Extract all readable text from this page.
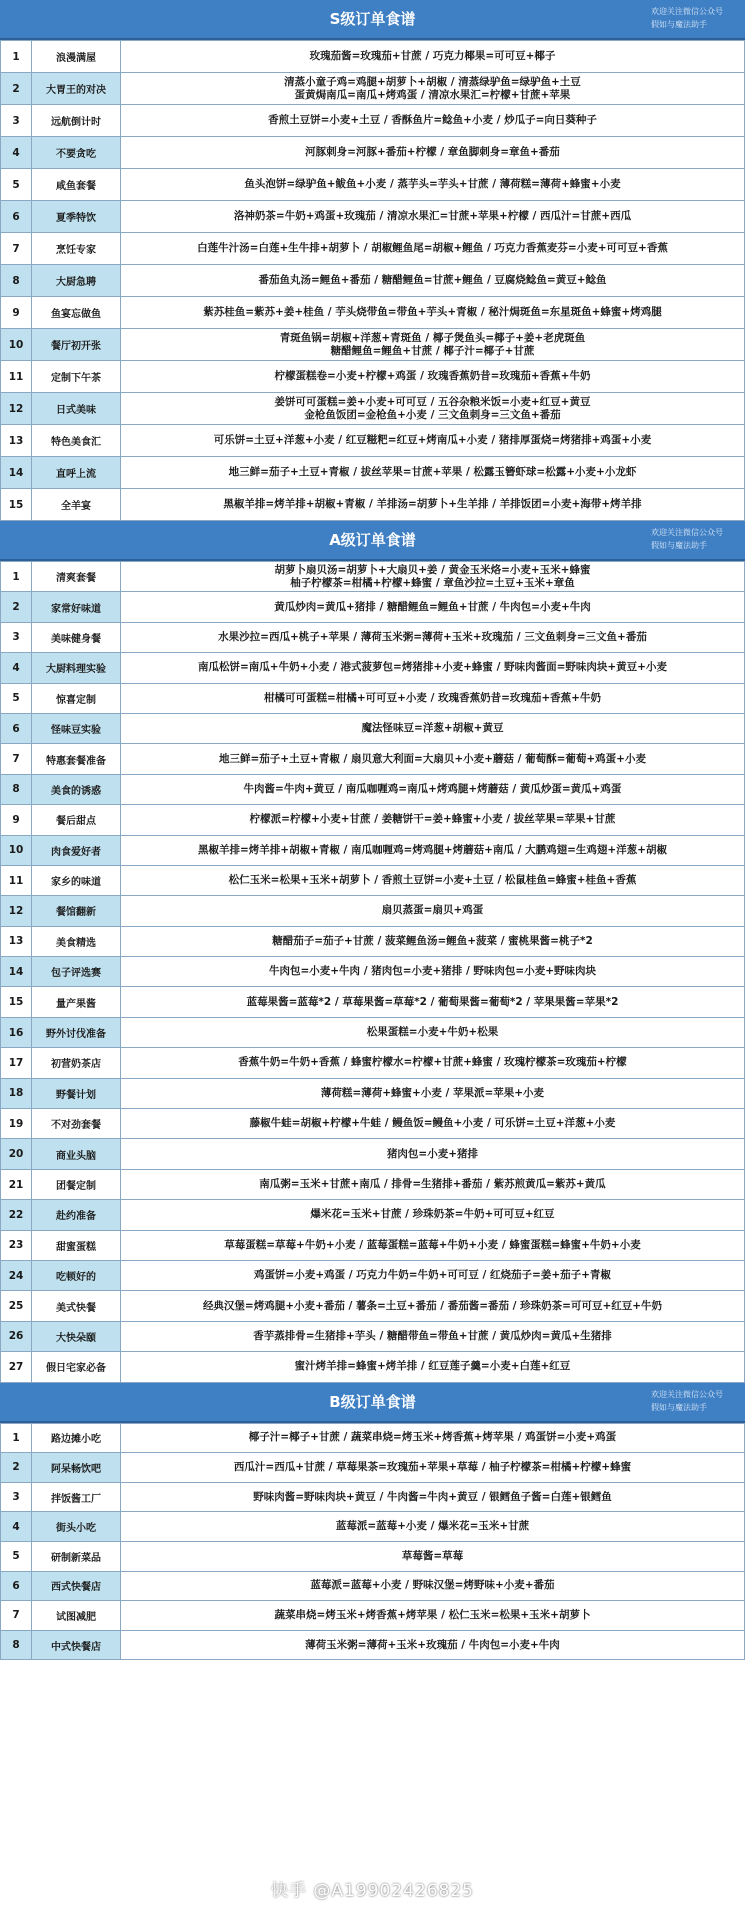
S级订单食谱	欢迎关注微信公众号
假如与魔法助手
1	浪漫满屋	玫瑰茄酱=玫瑰茄+甘蔗 / 巧克力椰果=可可豆+椰子

2	大胃王的对决	清蒸小童子鸡=鸡腿+胡萝卜+胡椒 / 清蒸绿驴鱼=绿驴鱼+土豆
蛋黄焗南瓜=南瓜+烤鸡蛋 / 清凉水果汇=柠檬+甘蔗+苹果

3	远航倒计时	香煎土豆饼=小麦+土豆 / 香酥鱼片=鲶鱼+小麦 / 炒瓜子=向日葵种子

4	不要贪吃	河豚刺身=河豚+番茄+柠檬 / 章鱼脚刺身=章鱼+番茄

5	咸鱼套餐	鱼头泡饼=绿驴鱼+鲅鱼+小麦 / 蒸芋头=芋头+甘蔗 / 薄荷糕=薄荷+蜂蜜+小麦

6	夏季特饮	洛神奶茶=牛奶+鸡蛋+玫瑰茄 / 清凉水果汇=甘蔗+苹果+柠檬 / 西瓜汁=甘蔗+西瓜

7	烹饪专家	白莲牛汁汤=白莲+生牛排+胡萝卜 / 胡椒鲤鱼尾=胡椒+鲤鱼 / 巧克力香蕉麦芬=小麦+可可豆+香蕉

8	大厨急聘	番茄鱼丸汤=鲤鱼+番茄 / 糖醋鲤鱼=甘蔗+鲤鱼 / 豆腐烧鲶鱼=黄豆+鲶鱼

9	鱼宴忘做鱼	紫苏桂鱼=紫苏+姜+桂鱼 / 芋头烧带鱼=带鱼+芋头+青椒 / 秘汁焗斑鱼=东星斑鱼+蜂蜜+烤鸡腿

10	餐厅初开张	青斑鱼锅=胡椒+洋葱+青斑鱼 / 椰子煲鱼头=椰子+姜+老虎斑鱼
糖醋鲤鱼=鲤鱼+甘蔗 / 椰子汁=椰子+甘蔗

11	定制下午茶	柠檬蛋糕卷=小麦+柠檬+鸡蛋 / 玫瑰香蕉奶昔=玫瑰茄+香蕉+牛奶

12	日式美味	姜饼可可蛋糕=姜+小麦+可可豆 / 五谷杂粮米饭=小麦+红豆+黄豆
金枪鱼饭团=金枪鱼+小麦 / 三文鱼刺身=三文鱼+番茄

13	特色美食汇	可乐饼=土豆+洋葱+小麦 / 红豆糍粑=红豆+烤南瓜+小麦 / 猪排厚蛋烧=烤猪排+鸡蛋+小麦

14	直呼上流	地三鲜=茄子+土豆+青椒 / 拔丝苹果=甘蔗+苹果 / 松露玉簪虾球=松露+小麦+小龙虾

15	全羊宴	黑椒羊排=烤羊排+胡椒+青椒 / 羊排汤=胡萝卜+生羊排 / 羊排饭团=小麦+海带+烤羊排
A级订单食谱	欢迎关注微信公众号
假如与魔法助手
1	清爽套餐	胡萝卜扇贝汤=胡萝卜+大扇贝+姜 / 黄金玉米烙=小麦+玉米+蜂蜜
柚子柠檬茶=柑橘+柠檬+蜂蜜 / 章鱼沙拉=土豆+玉米+章鱼

2	家常好味道	黄瓜炒肉=黄瓜+猪排 / 糖醋鲤鱼=鲤鱼+甘蔗 / 牛肉包=小麦+牛肉

3	美味健身餐	水果沙拉=西瓜+桃子+苹果 / 薄荷玉米粥=薄荷+玉米+玫瑰茄 / 三文鱼刺身=三文鱼+番茄

4	大厨料理实验	南瓜松饼=南瓜+牛奶+小麦 / 港式菠萝包=烤猪排+小麦+蜂蜜 / 野味肉酱面=野味肉块+黄豆+小麦

5	惊喜定制	柑橘可可蛋糕=柑橘+可可豆+小麦 / 玫瑰香蕉奶昔=玫瑰茄+香蕉+牛奶

6	怪味豆实验	魔法怪味豆=洋葱+胡椒+黄豆

7	特惠套餐准备	地三鲜=茄子+土豆+青椒 / 扇贝意大利面=大扇贝+小麦+蘑菇 / 葡萄酥=葡萄+鸡蛋+小麦

8	美食的诱惑	牛肉酱=牛肉+黄豆 / 南瓜咖喱鸡=南瓜+烤鸡腿+烤蘑菇 / 黄瓜炒蛋=黄瓜+鸡蛋

9	餐后甜点	柠檬派=柠檬+小麦+甘蔗 / 姜糖饼干=姜+蜂蜜+小麦 / 拔丝苹果=苹果+甘蔗

10	肉食爱好者	黑椒羊排=烤羊排+胡椒+青椒 / 南瓜咖喱鸡=烤鸡腿+烤蘑菇+南瓜 / 大鹏鸡翅=生鸡翅+洋葱+胡椒

11	家乡的味道	松仁玉米=松果+玉米+胡萝卜 / 香煎土豆饼=小麦+土豆 / 松鼠桂鱼=蜂蜜+桂鱼+香蕉

12	餐馆翻新	扇贝蒸蛋=扇贝+鸡蛋

13	美食精选	糖醋茄子=茄子+甘蔗 / 菠菜鲤鱼汤=鲤鱼+菠菜 / 蜜桃果酱=桃子*2

14	包子评选赛	牛肉包=小麦+牛肉 / 猪肉包=小麦+猪排 / 野味肉包=小麦+野味肉块

15	量产果酱	蓝莓果酱=蓝莓*2 / 草莓果酱=草莓*2 / 葡萄果酱=葡萄*2 / 苹果果酱=苹果*2

16	野外讨伐准备	松果蛋糕=小麦+牛奶+松果

17	初营奶茶店	香蕉牛奶=牛奶+香蕉 / 蜂蜜柠檬水=柠檬+甘蔗+蜂蜜 / 玫瑰柠檬茶=玫瑰茄+柠檬

18	野餐计划	薄荷糕=薄荷+蜂蜜+小麦 / 苹果派=苹果+小麦

19	不对劲套餐	藤椒牛蛙=胡椒+柠檬+牛蛙 / 鳗鱼饭=鳗鱼+小麦 / 可乐饼=土豆+洋葱+小麦

20	商业头脑	猪肉包=小麦+猪排

21	团餐定制	南瓜粥=玉米+甘蔗+南瓜 / 排骨=生猪排+番茄 / 紫苏煎黄瓜=紫苏+黄瓜

22	赴约准备	爆米花=玉米+甘蔗 / 珍珠奶茶=牛奶+可可豆+红豆

23	甜蜜蛋糕	草莓蛋糕=草莓+牛奶+小麦 / 蓝莓蛋糕=蓝莓+牛奶+小麦 / 蜂蜜蛋糕=蜂蜜+牛奶+小麦

24	吃顿好的	鸡蛋饼=小麦+鸡蛋 / 巧克力牛奶=牛奶+可可豆 / 红烧茄子=姜+茄子+青椒

25	美式快餐	经典汉堡=烤鸡腿+小麦+番茄 / 薯条=土豆+番茄 / 番茄酱=番茄 / 珍珠奶茶=可可豆+红豆+牛奶

26	大快朵颐	香芋蒸排骨=生猪排+芋头 / 糖醋带鱼=带鱼+甘蔗 / 黄瓜炒肉=黄瓜+生猪排

27	假日宅家必备	蜜汁烤羊排=蜂蜜+烤羊排 / 红豆莲子羹=小麦+白莲+红豆
B级订单食谱	欢迎关注微信公众号
假如与魔法助手
1	路边摊小吃	椰子汁=椰子+甘蔗 / 蔬菜串烧=烤玉米+烤香蕉+烤苹果 / 鸡蛋饼=小麦+鸡蛋

2	阿呆畅饮吧	西瓜汁=西瓜+甘蔗 / 草莓果茶=玫瑰茄+苹果+草莓 / 柚子柠檬茶=柑橘+柠檬+蜂蜜

3	拌饭酱工厂	野味肉酱=野味肉块+黄豆 / 牛肉酱=牛肉+黄豆 / 银鳕鱼子酱=白莲+银鳕鱼

4	街头小吃	蓝莓派=蓝莓+小麦 / 爆米花=玉米+甘蔗

5	研制新菜品	草莓酱=草莓

6	西式快餐店	蓝莓派=蓝莓+小麦 / 野味汉堡=烤野味+小麦+番茄

7	试图减肥	蔬菜串烧=烤玉米+烤香蕉+烤苹果 / 松仁玉米=松果+玉米+胡萝卜

8	中式快餐店	薄荷玉米粥=薄荷+玉米+玫瑰茄 / 牛肉包=小麦+牛肉
快手 @A19902426825
